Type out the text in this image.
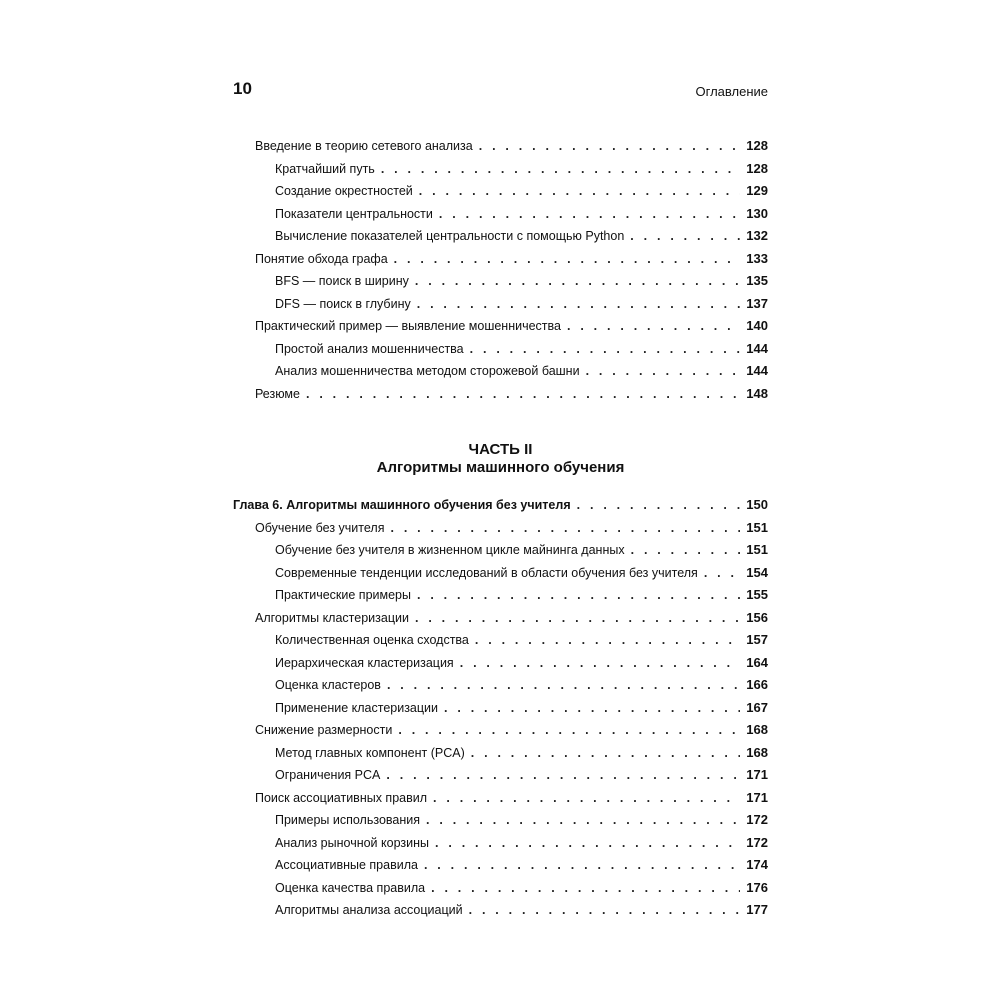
10	Оглавление
Введение в теорию сетевого анализа . . .	128
Кратчайший путь . . .	128
Создание окрестностей . . .	129
Показатели центральности . . .	130
Вычисление показателей центральности с помощью Python . . .	132
Понятие обхода графа . . .	133
BFS — поиск в ширину . . .	135
DFS — поиск в глубину . . .	137
Практический пример — выявление мошенничества . . .	140
Простой анализ мошенничества . . .	144
Анализ мошенничества методом сторожевой башни . . .	144
Резюме . . .	148
ЧАСТЬ II
Алгоритмы машинного обучения
Глава 6. Алгоритмы машинного обучения без учителя . . .	150
Обучение без учителя . . .	151
Обучение без учителя в жизненном цикле майнинга данных . . .	151
Современные тенденции исследований в области обучения без учителя . . .	154
Практические примеры . . .	155
Алгоритмы кластеризации . . .	156
Количественная оценка сходства . . .	157
Иерархическая кластеризация . . .	164
Оценка кластеров . . .	166
Применение кластеризации . . .	167
Снижение размерности . . .	168
Метод главных компонент (PCA) . . .	168
Ограничения PCA . . .	171
Поиск ассоциативных правил . . .	171
Примеры использования . . .	172
Анализ рыночной корзины . . .	172
Ассоциативные правила . . .	174
Оценка качества правила . . .	176
Алгоритмы анализа ассоциаций . . .	177
